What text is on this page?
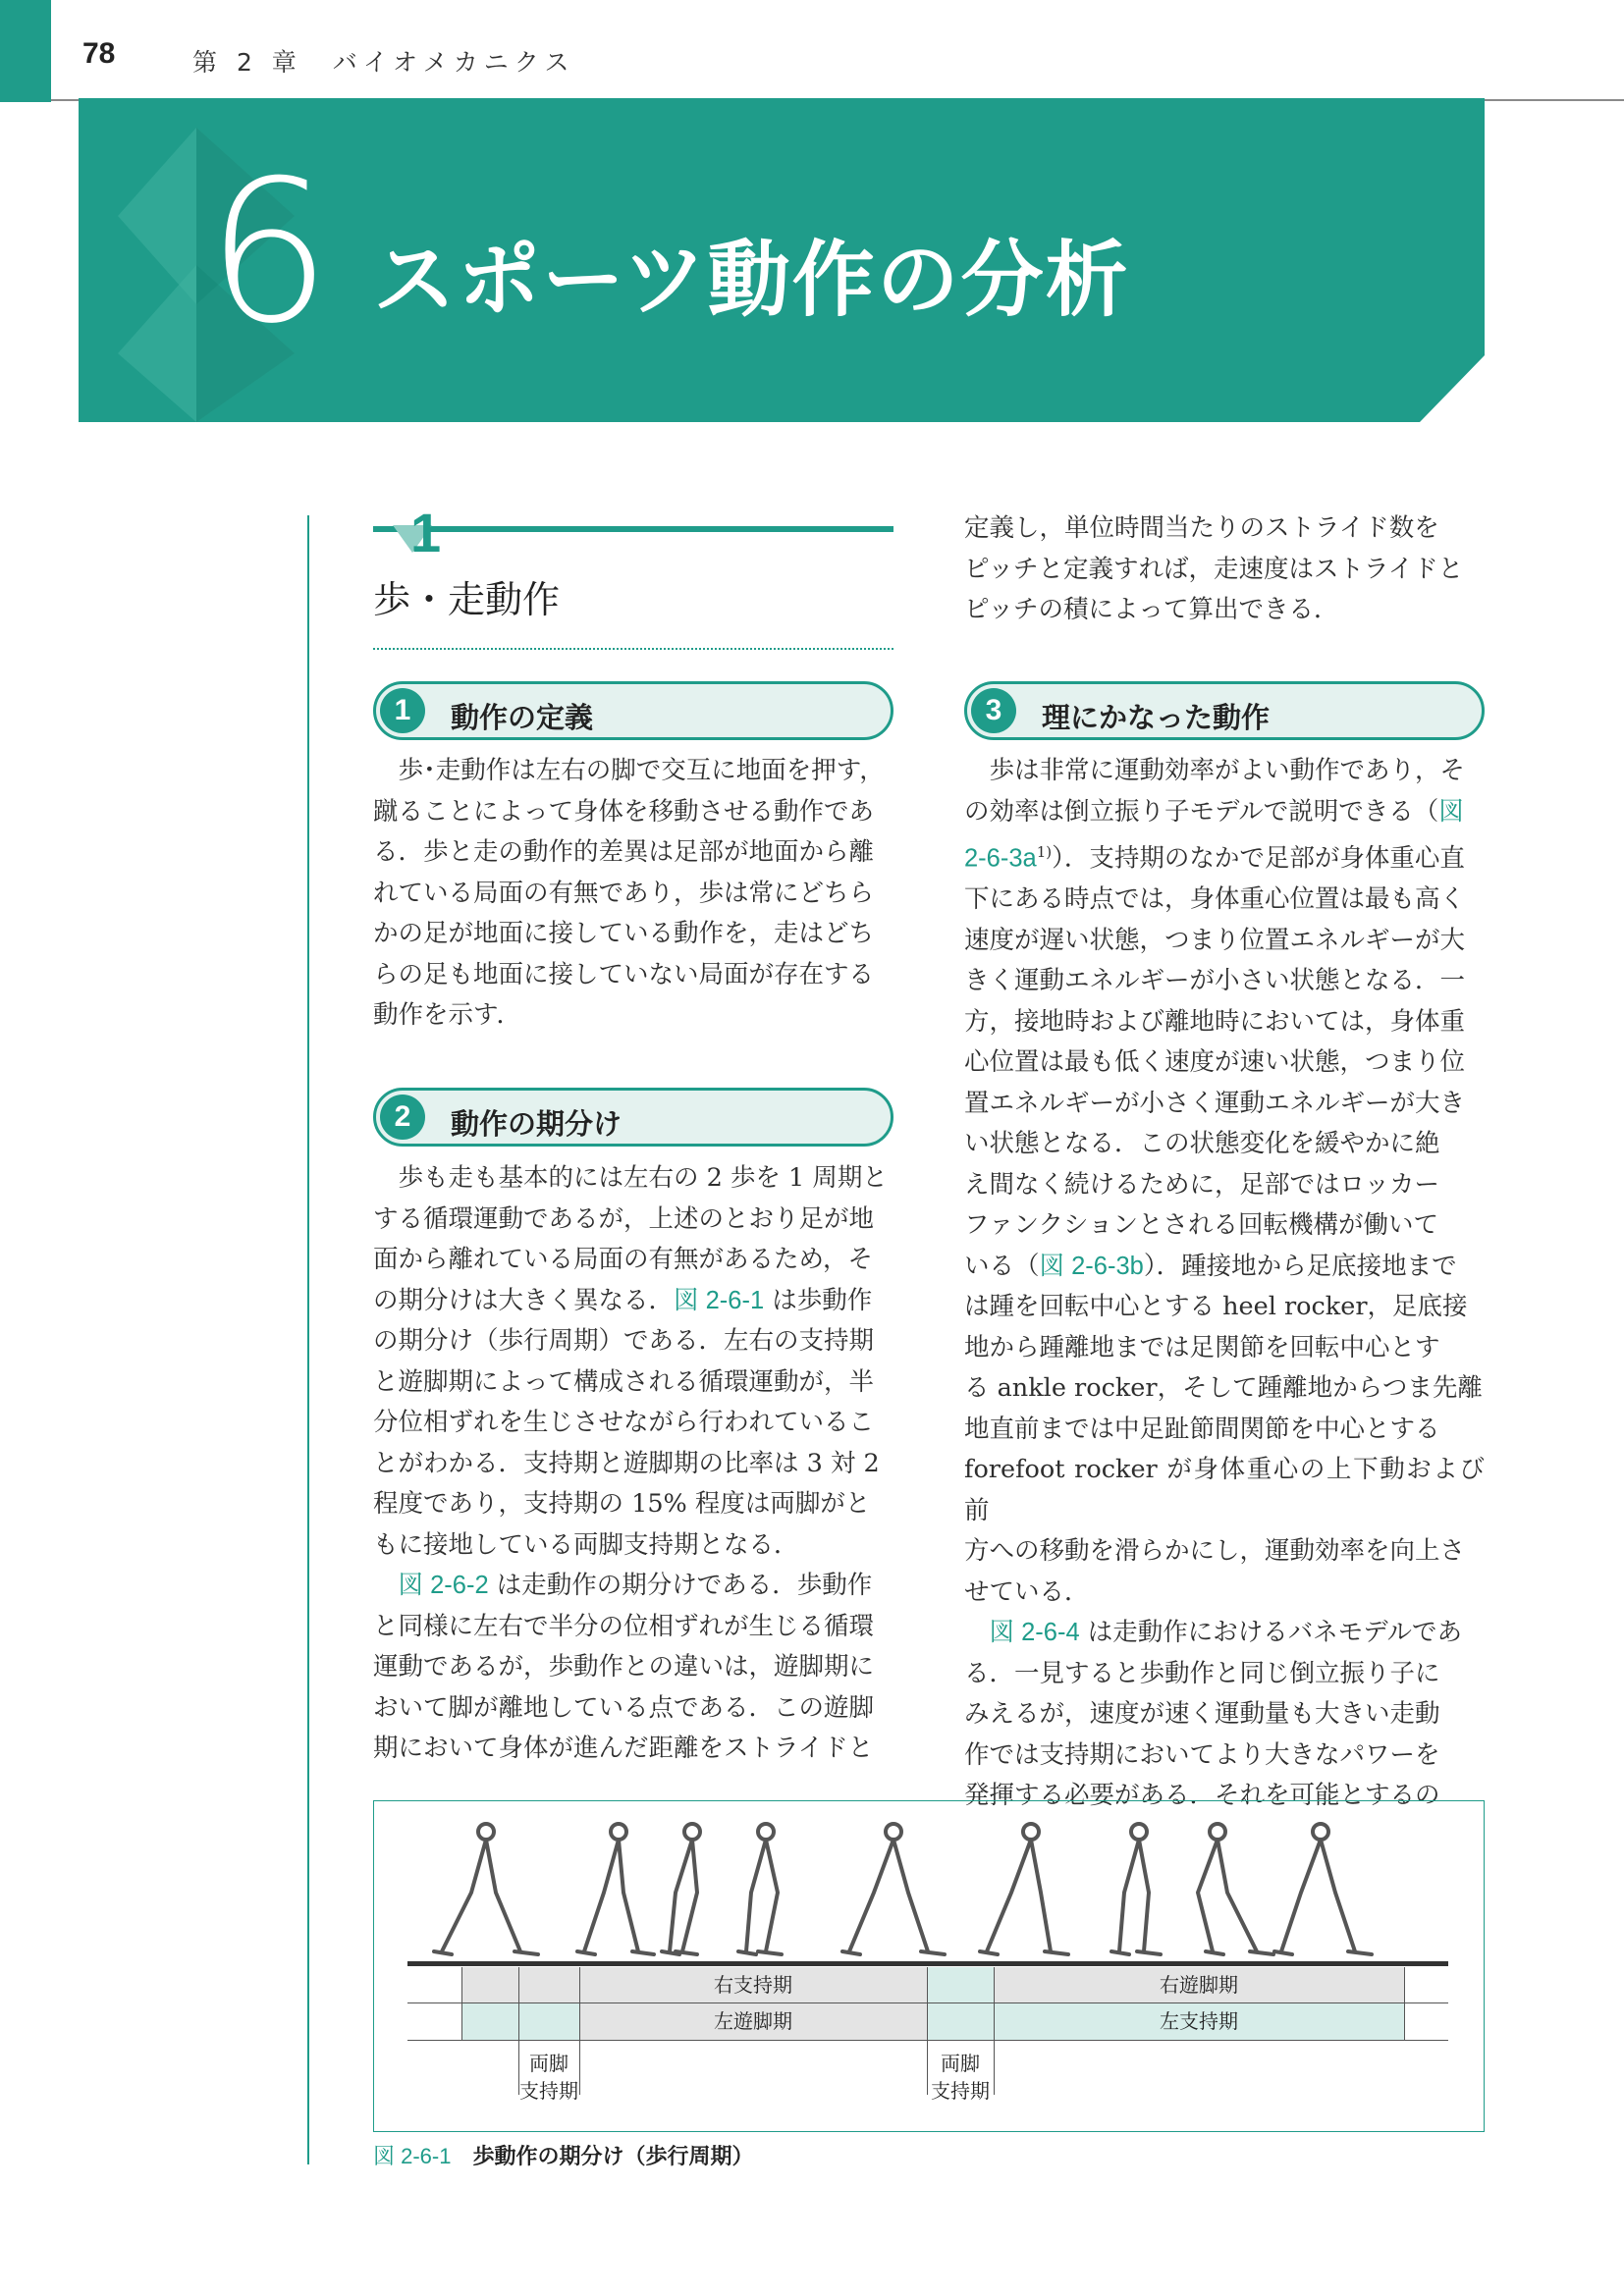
78	第 2 章　バイオメカニクス
6 スポーツ動作の分析
1
歩・走動作
1	動作の定義
　歩･走動作は左右の脚で交互に地面を押す，
蹴ることによって身体を移動させる動作であ
る．歩と走の動作的差異は足部が地面から離
れている局面の有無であり，歩は常にどちら
かの足が地面に接している動作を，走はどち
らの足も地面に接していない局面が存在する
動作を示す．
2	動作の期分け
　歩も走も基本的には左右の 2 歩を 1 周期と
する循環運動であるが，上述のとおり足が地
面から離れている局面の有無があるため，そ
の期分けは大きく異なる．図 2-6-1 は歩動作
の期分け（歩行周期）である．左右の支持期
と遊脚期によって構成される循環運動が，半
分位相ずれを生じさせながら行われているこ
とがわかる．支持期と遊脚期の比率は 3 対 2
程度であり，支持期の 15% 程度は両脚がと
もに接地している両脚支持期となる．
　図 2-6-2 は走動作の期分けである．歩動作
と同様に左右で半分の位相ずれが生じる循環
運動であるが，歩動作との違いは，遊脚期に
おいて脚が離地している点である．この遊脚
期において身体が進んだ距離をストライドと
定義し，単位時間当たりのストライド数を
ピッチと定義すれば，走速度はストライドと
ピッチの積によって算出できる．
3	理にかなった動作
　歩は非常に運動効率がよい動作であり，そ
の効率は倒立振り子モデルで説明できる（図
$2-6-3a^{1)}$）．支持期のなかで足部が身体重心直
下にある時点では，身体重心位置は最も高く
速度が遅い状態，つまり位置エネルギーが大
きく運動エネルギーが小さい状態となる．一
方，接地時および離地時においては，身体重
心位置は最も低く速度が速い状態，つまり位
置エネルギーが小さく運動エネルギーが大き
い状態となる．この状態変化を緩やかに絶
え間なく続けるために，足部ではロッカー
ファンクションとされる回転機構が働いて
いる（図 2-6-3b）．踵接地から足底接地まで
は踵を回転中心とする heel rocker，足底接
地から踵離地までは足関節を回転中心とす
る ankle rocker，そして踵離地からつま先離
地直前までは中足趾節間関節を中心とする
forefoot rocker が身体重心の上下動および前
方への移動を滑らかにし，運動効率を向上さ
せている．
　図 2-6-4 は走動作におけるバネモデルであ
る．一見すると歩動作と同じ倒立振り子に
みえるが，速度が速く運動量も大きい走動
作では支持期においてより大きなパワーを
発揮する必要がある．それを可能とするの
右支持期	右遊脚期
左遊脚期	左支持期
両脚
支持期
両脚
支持期
図 2-6-1　 歩動作の期分け（歩行周期）
